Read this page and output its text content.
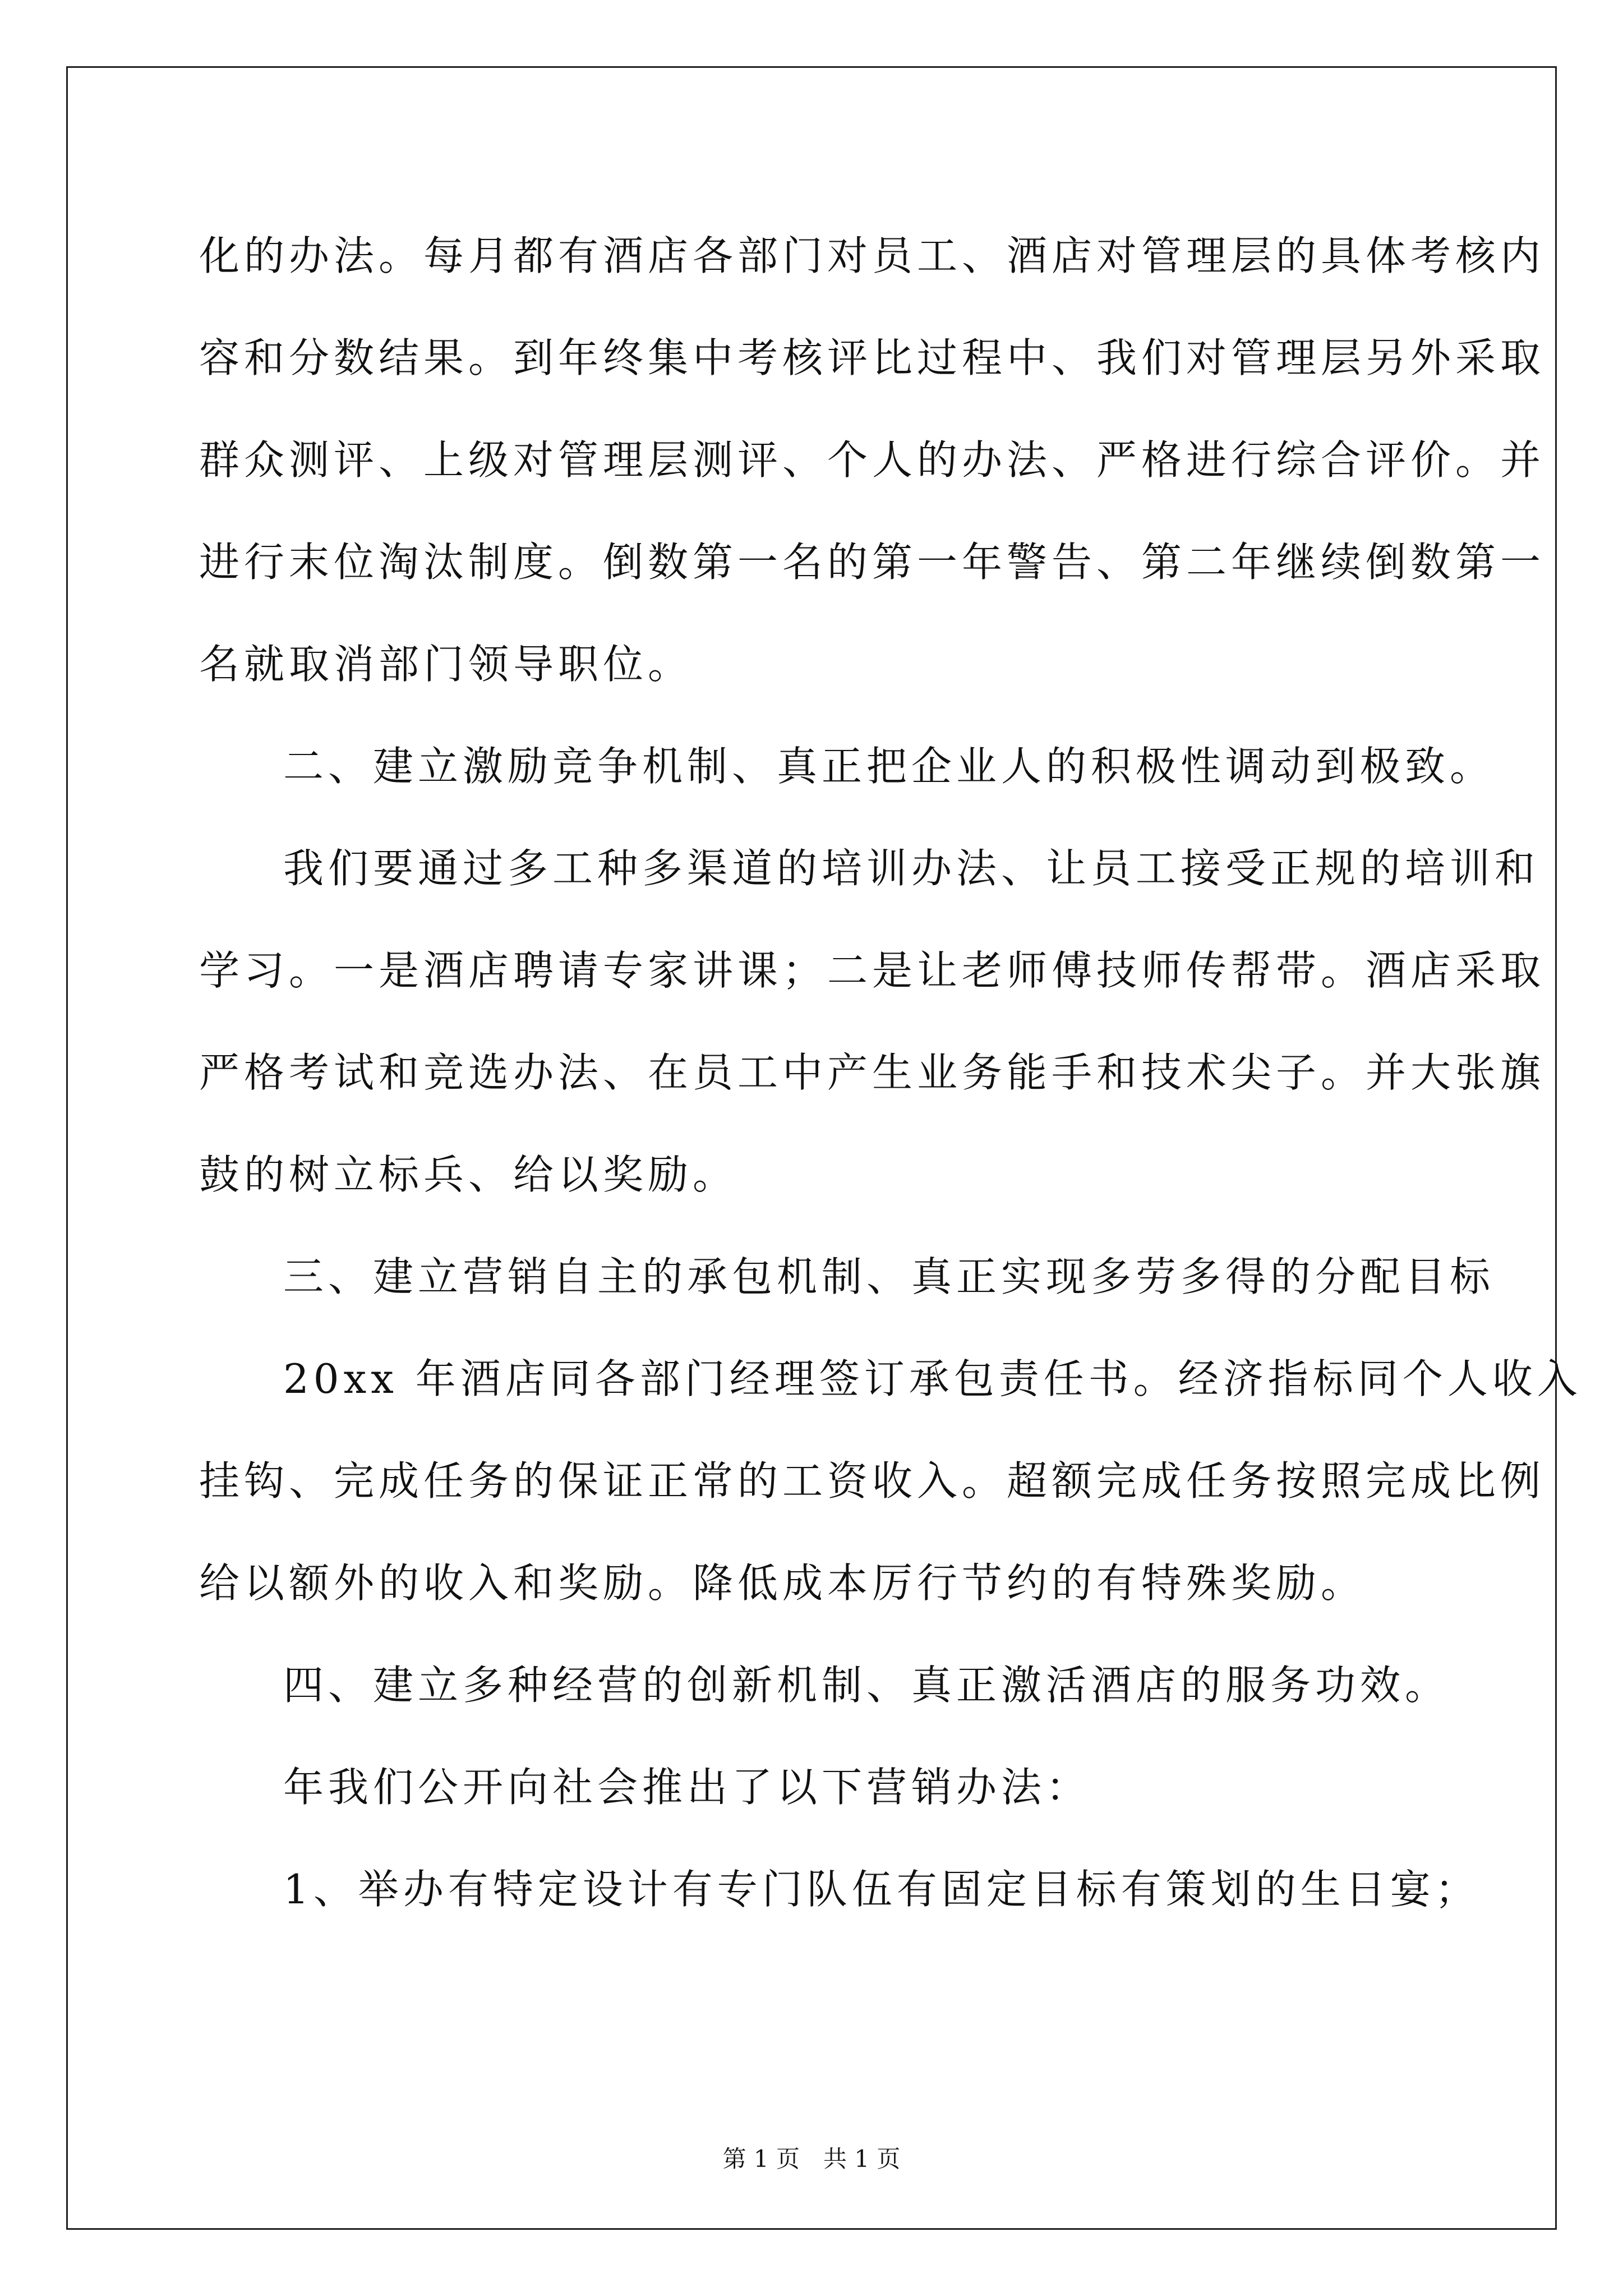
化的办法。每月都有酒店各部门对员工、酒店对管理层的具体考核内
容和分数结果。到年终集中考核评比过程中、我们对管理层另外采取
群众测评、上级对管理层测评、个人的办法、严格进行综合评价。并
进行末位淘汰制度。倒数第一名的第一年警告、第二年继续倒数第一
名就取消部门领导职位。
二、建立激励竞争机制、真正把企业人的积极性调动到极致。
我们要通过多工种多渠道的培训办法、让员工接受正规的培训和
学习。一是酒店聘请专家讲课；二是让老师傅技师传帮带。酒店采取
严格考试和竞选办法、在员工中产生业务能手和技术尖子。并大张旗
鼓的树立标兵、给以奖励。
三、建立营销自主的承包机制、真正实现多劳多得的分配目标
20xx 年酒店同各部门经理签订承包责任书。经济指标同个人收入
挂钩、完成任务的保证正常的工资收入。超额完成任务按照完成比例
给以额外的收入和奖励。降低成本厉行节约的有特殊奖励。
四、建立多种经营的创新机制、真正激活酒店的服务功效。
年我们公开向社会推出了以下营销办法：
1、举办有特定设计有专门队伍有固定目标有策划的生日宴；
第 1 页　共 1 页
